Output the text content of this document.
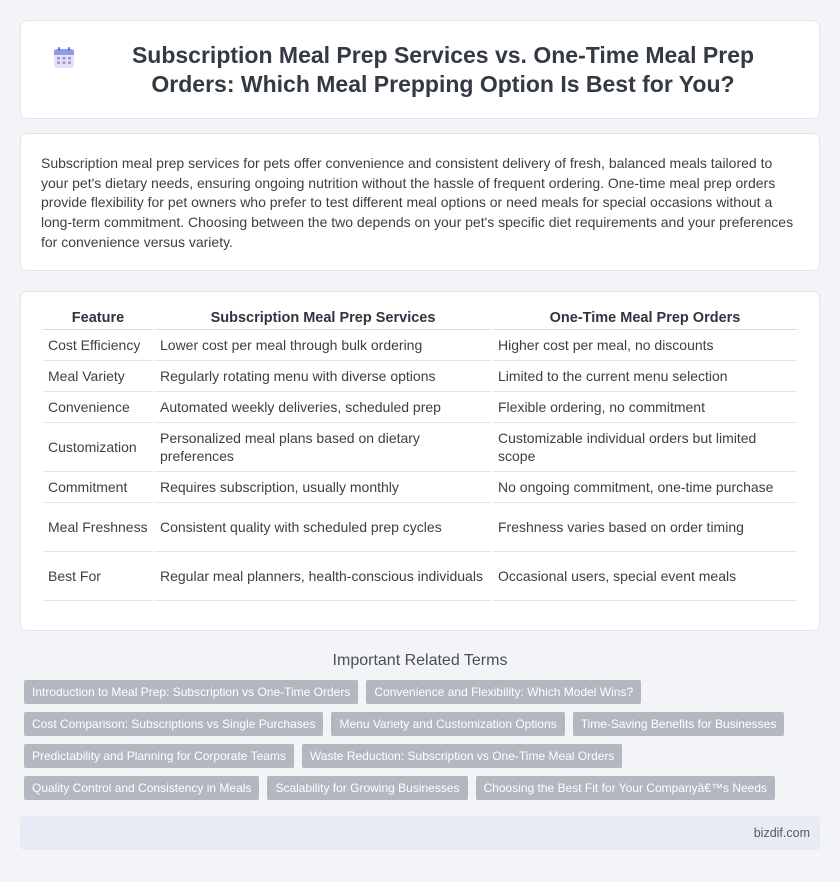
Subscription Meal Prep Services vs. One-Time Meal Prep Orders: Which Meal Prepping Option Is Best for You?

Subscription meal prep services for pets offer convenience and consistent delivery of fresh, balanced meals tailored to your pet's dietary needs, ensuring ongoing nutrition without the hassle of frequent ordering. One-time meal prep orders provide flexibility for pet owners who prefer to test different meal options or need meals for special occasions without a long-term commitment. Choosing between the two depends on your pet's specific diet requirements and your preferences for convenience versus variety.

Feature	Subscription Meal Prep Services	One-Time Meal Prep Orders
Cost Efficiency	Lower cost per meal through bulk ordering	Higher cost per meal, no discounts
Meal Variety	Regularly rotating menu with diverse options	Limited to the current menu selection
Convenience	Automated weekly deliveries, scheduled prep	Flexible ordering, no commitment
Customization	Personalized meal plans based on dietary preferences	Customizable individual orders but limited scope
Commitment	Requires subscription, usually monthly	No ongoing commitment, one-time purchase
Meal Freshness	Consistent quality with scheduled prep cycles	Freshness varies based on order timing
Best For	Regular meal planners, health-conscious individuals	Occasional users, special event meals
Important Related Terms
Introduction to Meal Prep: Subscription vs One-Time Orders	Convenience and Flexibility: Which Model Wins?
Cost Comparison: Subscriptions vs Single Purchases	Menu Variety and Customization Options	Time-Saving Benefits for Businesses
Predictability and Planning for Corporate Teams	Waste Reduction: Subscription vs One-Time Meal Orders
Quality Control and Consistency in Meals	Scalability for Growing Businesses	Choosing the Best Fit for Your Companyâ€™s Needs
bizdif.com
